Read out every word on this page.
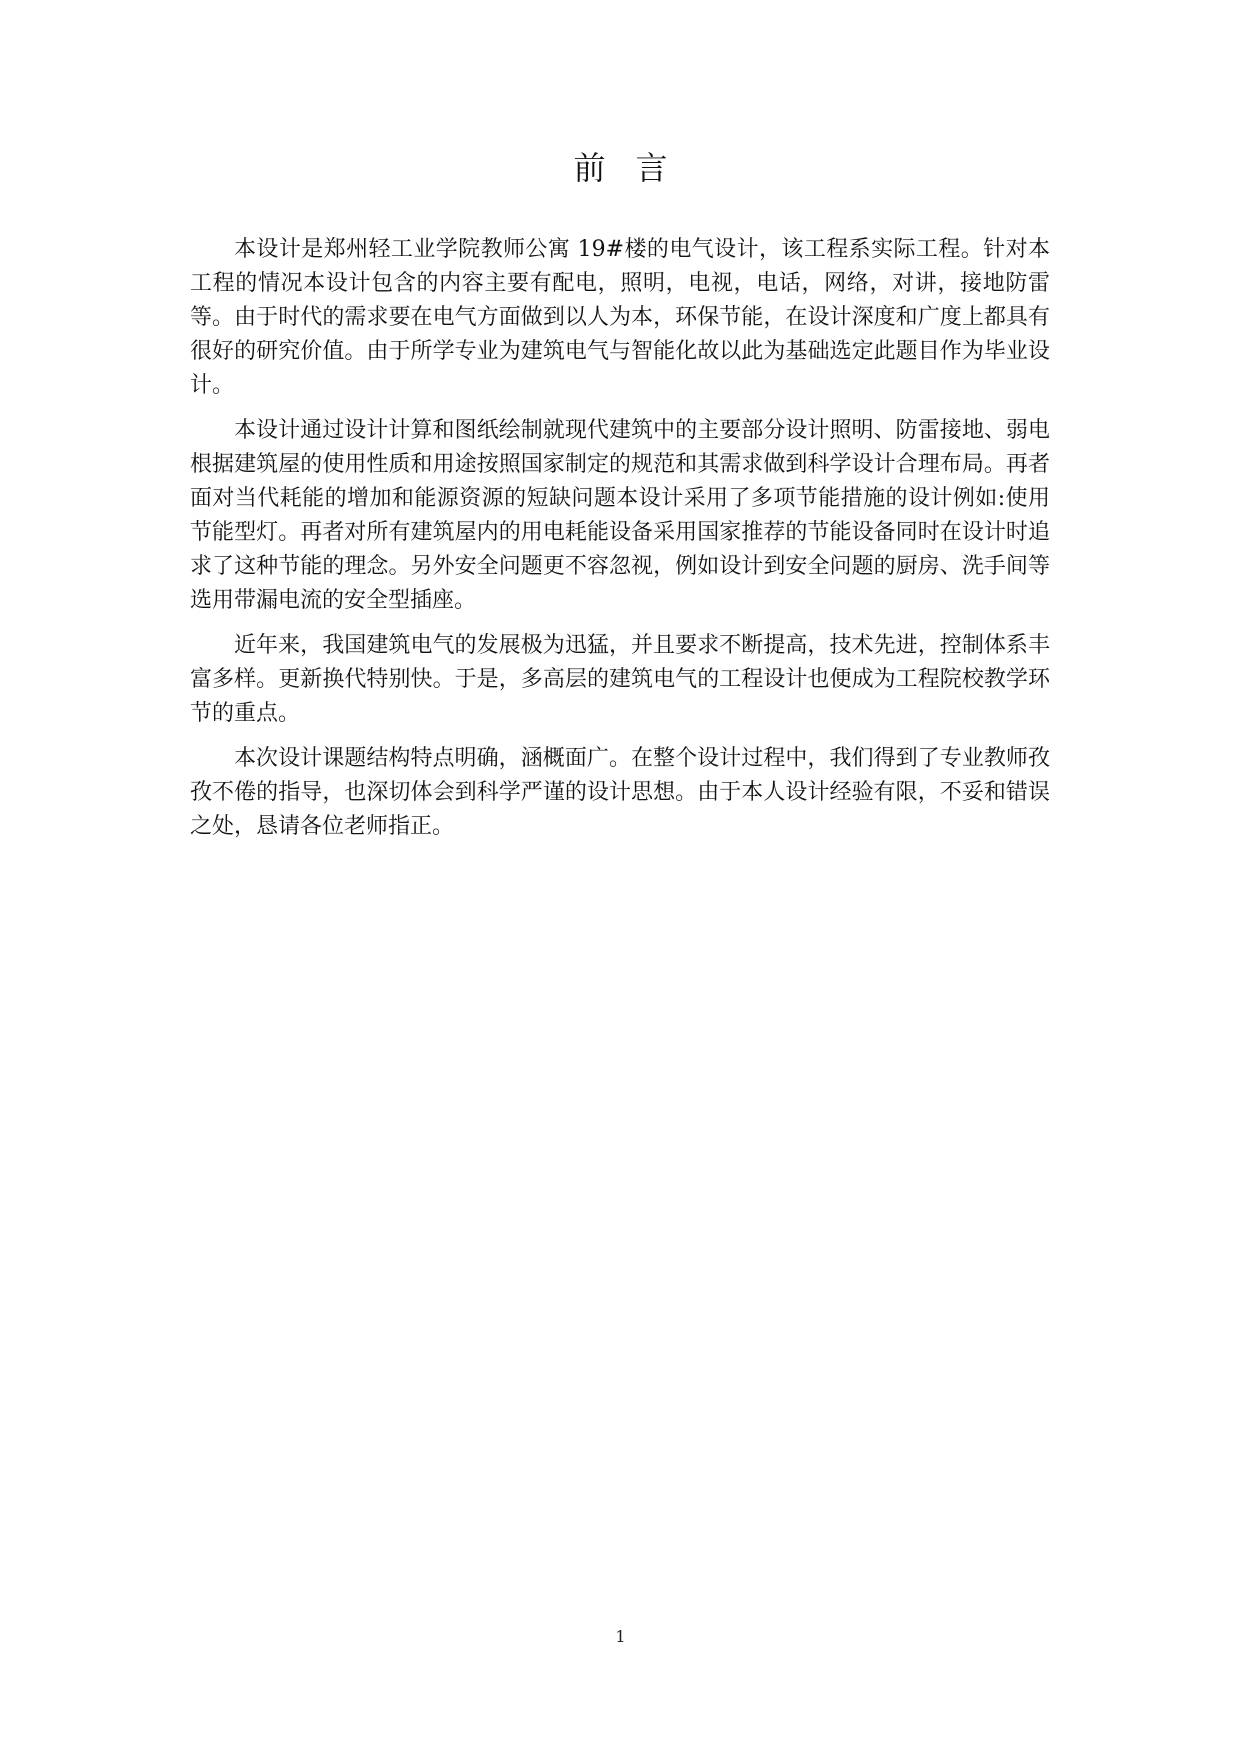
前言

本设计是郑州轻工业学院教师公寓 19#楼的电气设计，该工程系实际工程。针对本工程的情况本设计包含的内容主要有配电，照明，电视，电话，网络，对讲，接地防雷等。由于时代的需求要在电气方面做到以人为本，环保节能，在设计深度和广度上都具有很好的研究价值。由于所学专业为建筑电气与智能化故以此为基础选定此题目作为毕业设计。

本设计通过设计计算和图纸绘制就现代建筑中的主要部分设计照明、防雷接地、弱电根据建筑屋的使用性质和用途按照国家制定的规范和其需求做到科学设计合理布局。再者面对当代耗能的增加和能源资源的短缺问题本设计采用了多项节能措施的设计例如:使用节能型灯。再者对所有建筑屋内的用电耗能设备采用国家推荐的节能设备同时在设计时追求了这种节能的理念。另外安全问题更不容忽视，例如设计到安全问题的厨房、洗手间等选用带漏电流的安全型插座。

近年来，我国建筑电气的发展极为迅猛，并且要求不断提高，技术先进，控制体系丰富多样。更新换代特别快。于是，多高层的建筑电气的工程设计也便成为工程院校教学环节的重点。

本次设计课题结构特点明确，涵概面广。在整个设计过程中，我们得到了专业教师孜孜不倦的指导，也深切体会到科学严谨的设计思想。由于本人设计经验有限，不妥和错误之处，恳请各位老师指正。

1
